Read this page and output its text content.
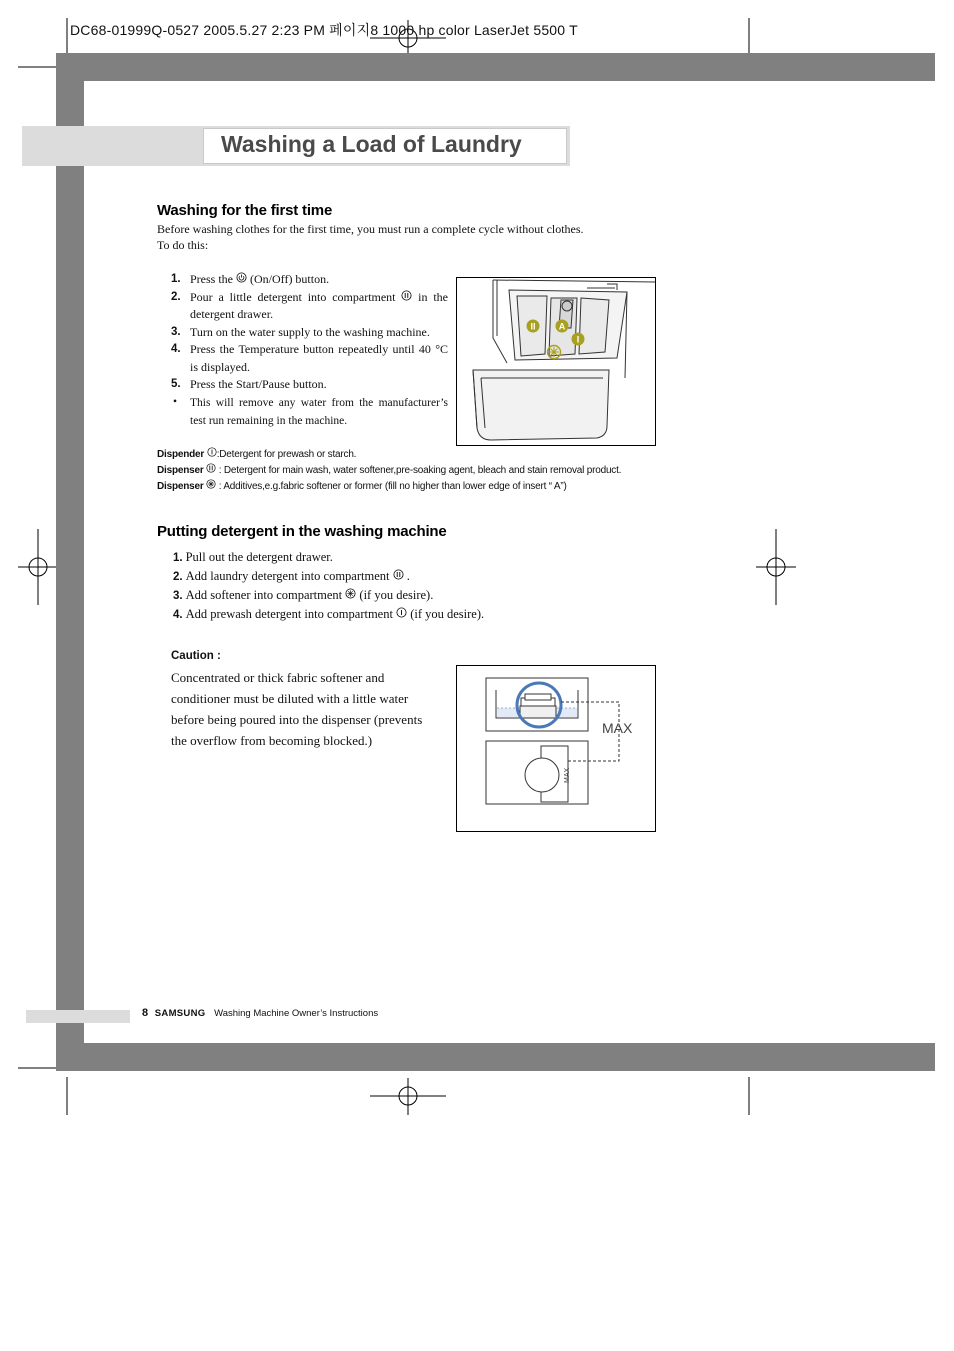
DC68-01999Q-0527 2005.5.27 2:23 PM 페이지8 1000 hp color LaserJet 5500 T
Washing a Load of Laundry
Washing for the first time
Before washing clothes for the first time, you must run a complete cycle without clothes.
To do this:
1. Press the  (On/Off) button.
2. Pour a little detergent into compartment  in the detergent drawer.
3. Turn on the water supply to the washing machine.
4. Press the Temperature button repeatedly until 40 °C is displayed.
5. Press the Start/Pause button.
• This will remove any water from the manufacturer’s test run remaining in the machine.
II	A
I
Dispender :Detergent for prewash or starch.
Dispenser  : Detergent for main wash, water softener,pre-soaking agent, bleach and stain removal product.
Dispenser  : Additives,e.g.fabric softener or former (fill no higher than lower edge of insert “ A”)
Putting detergent in the washing machine
1. Pull out the detergent drawer.
2. Add laundry detergent into compartment  .
3. Add softener into compartment  (if you desire).
4. Add prewash detergent into compartment  (if you desire).
Caution :
Concentrated or thick fabric softener and
conditioner must be diluted with a little water
before being poured into the dispenser (prevents
the overflow from becoming blocked.)
MAX
MAX
8 SAMSUNG Washing Machine Owner’s Instructions
